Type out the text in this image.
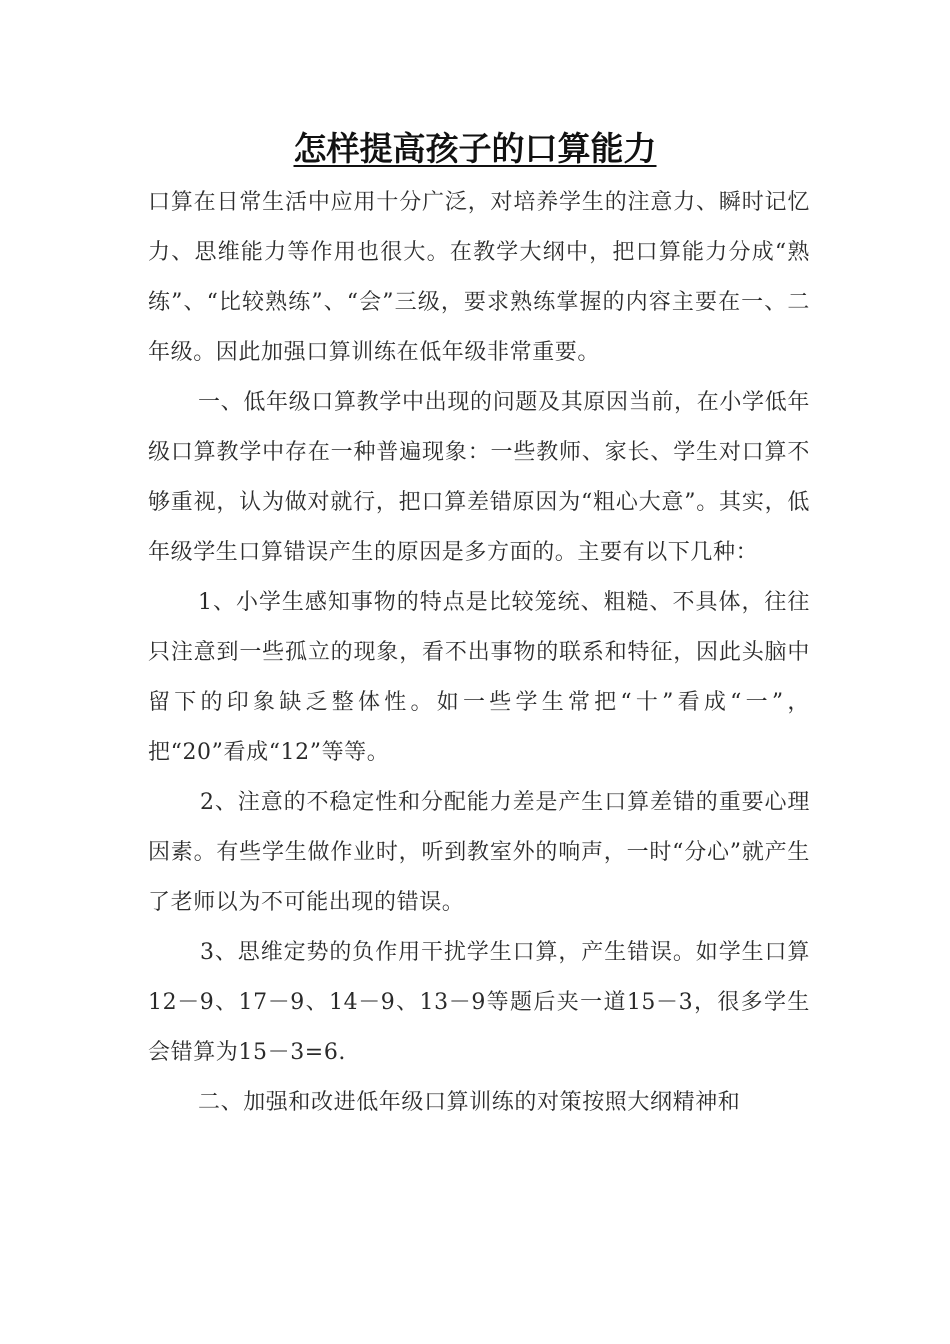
怎样提高孩子的口算能力

口算在日常生活中应用十分广泛，对培养学生的注意力、瞬时记忆力、思维能力等作用也很大。在教学大纲中，把口算能力分成“熟练”、“比较熟练”、“会”三级，要求熟练掌握的内容主要在一、二年级。因此加强口算训练在低年级非常重要。

一、低年级口算教学中出现的问题及其原因当前，在小学低年级口算教学中存在一种普遍现象：一些教师、家长、学生对口算不够重视，认为做对就行，把口算差错原因为“粗心大意”。其实，低年级学生口算错误产生的原因是多方面的。主要有以下几种：

1、小学生感知事物的特点是比较笼统、粗糙、不具体，往往只注意到一些孤立的现象，看不出事物的联系和特征，因此头脑中留下的印象缺乏整体性。如一些学生常把“十”看成“一”，把“20”看成“12”等等。

2、注意的不稳定性和分配能力差是产生口算差错的重要心理因素。有些学生做作业时，听到教室外的响声，一时“分心”就产生了老师以为不可能出现的错误。

3、思维定势的负作用干扰学生口算，产生错误。如学生口算12－9、17－9、14－9、13－9等题后夹一道15－3，很多学生会错算为15－3=6.

二、加强和改进低年级口算训练的对策按照大纲精神和
